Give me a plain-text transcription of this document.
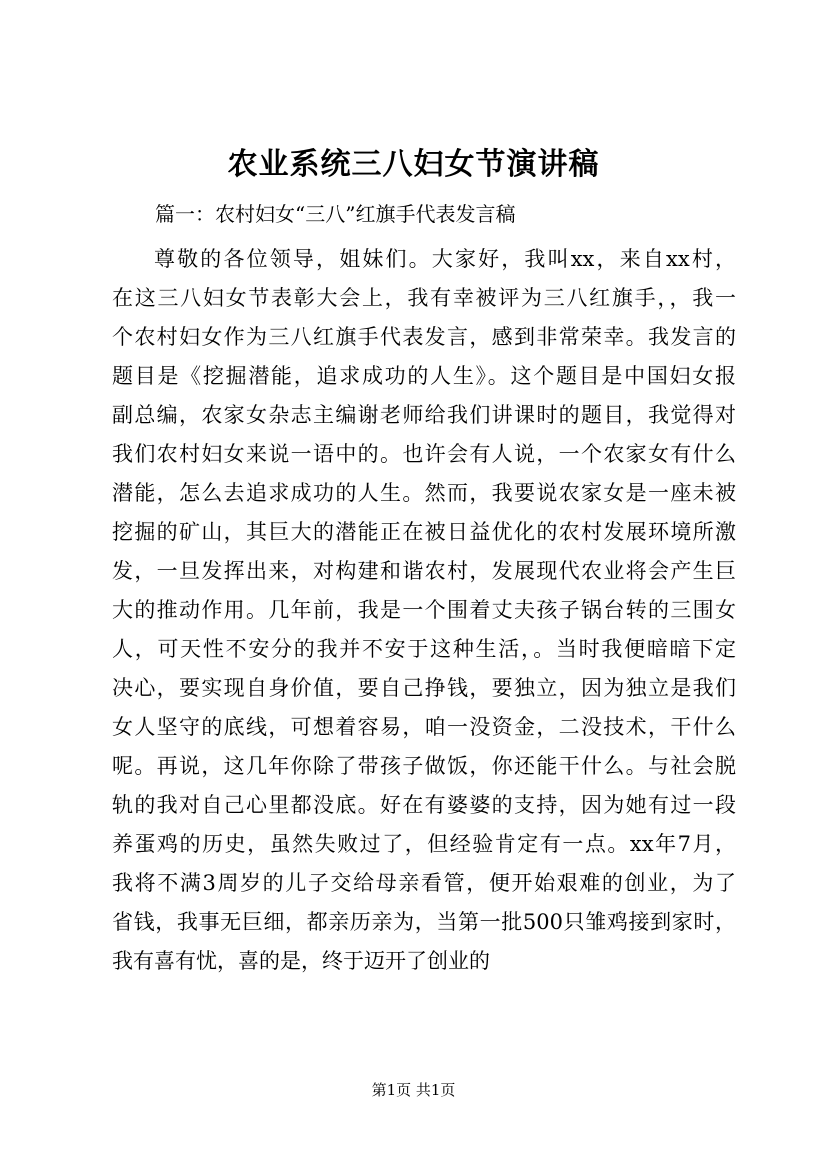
农业系统三八妇女节演讲稿

篇一：农村妇女“三八”红旗手代表发言稿

尊敬的各位领导，姐妹们。大家好，我叫xx，来自xx村，
在这三八妇女节表彰大会上，我有幸被评为三八红旗手，，我一
个农村妇女作为三八红旗手代表发言，感到非常荣幸。我发言的
题目是《挖掘潜能，追求成功的人生》。这个题目是中国妇女报
副总编，农家女杂志主编谢老师给我们讲课时的题目，我觉得对
我们农村妇女来说一语中的。也许会有人说，一个农家女有什么
潜能，怎么去追求成功的人生。然而，我要说农家女是一座未被
挖掘的矿山，其巨大的潜能正在被日益优化的农村发展环境所激
发，一旦发挥出来，对构建和谐农村，发展现代农业将会产生巨
大的推动作用。几年前，我是一个围着丈夫孩子锅台转的三围女
人，可天性不安分的我并不安于这种生活，。当时我便暗暗下定
决心，要实现自身价值，要自己挣钱，要独立，因为独立是我们
女人坚守的底线，可想着容易，咱一没资金，二没技术，干什么
呢。再说，这几年你除了带孩子做饭，你还能干什么。与社会脱
轨的我对自己心里都没底。好在有婆婆的支持，因为她有过一段
养蛋鸡的历史，虽然失败过了，但经验肯定有一点。xx年7月，
我将不满3周岁的儿子交给母亲看管，便开始艰难的创业，为了
省钱，我事无巨细，都亲历亲为，当第一批500只雏鸡接到家时，
我有喜有忧，喜的是，终于迈开了创业的

第1页 共1页
